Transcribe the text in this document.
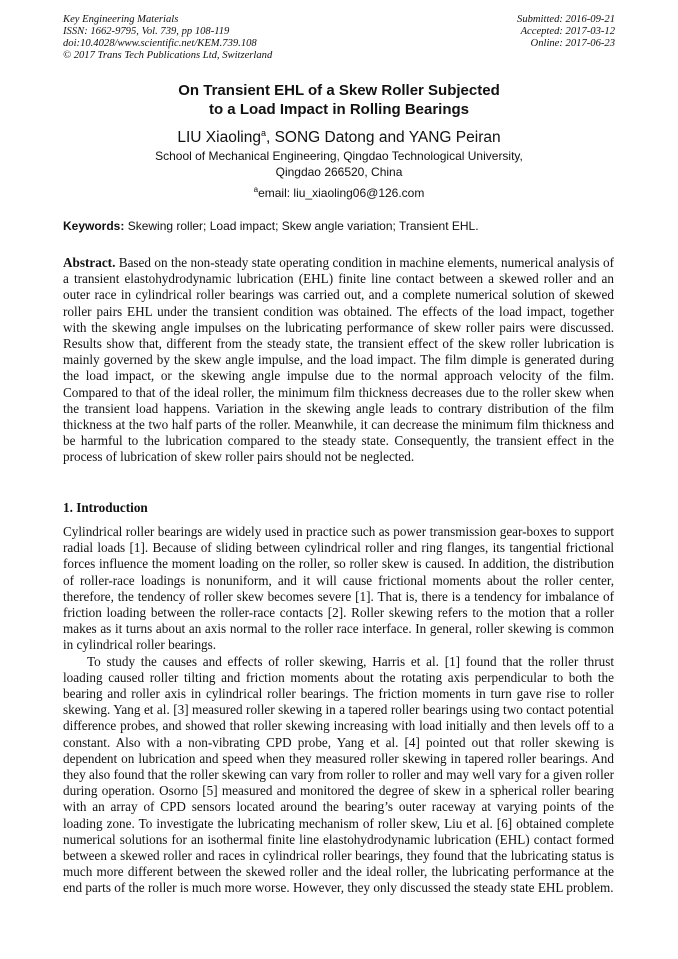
Key Engineering Materials
ISSN: 1662-9795, Vol. 739, pp 108-119
doi:10.4028/www.scientific.net/KEM.739.108
© 2017 Trans Tech Publications Ltd, Switzerland
Submitted: 2016-09-21
Accepted: 2017-03-12
Online: 2017-06-23
On Transient EHL of a Skew Roller Subjected
to a Load Impact in Rolling Bearings
LIU Xiaoling$^a$, SONG Datong and YANG Peiran
School of Mechanical Engineering, Qingdao Technological University,
Qingdao 266520, China
$^a$email: liu_xiaoling06@126.com
Keywords: Skewing roller; Load impact; Skew angle variation; Transient EHL.

Abstract. Based on the non-steady state operating condition in machine elements, numerical analysis of a transient elastohydrodynamic lubrication (EHL) finite line contact between a skewed roller and an outer race in cylindrical roller bearings was carried out, and a complete numerical solution of skewed roller pairs EHL under the transient condition was obtained. The effects of the load impact, together with the skewing angle impulses on the lubricating performance of skew roller pairs were discussed. Results show that, different from the steady state, the transient effect of the skew roller lubrication is mainly governed by the skew angle impulse, and the load impact. The film dimple is generated during the load impact, or the skewing angle impulse due to the normal approach velocity of the film. Compared to that of the ideal roller, the minimum film thickness decreases due to the roller skew when the transient load happens. Variation in the skewing angle leads to contrary distribution of the film thickness at the two half parts of the roller. Meanwhile, it can decrease the minimum film thickness and be harmful to the lubrication compared to the steady state. Consequently, the transient effect in the process of lubrication of skew roller pairs should not be neglected.

1. Introduction

Cylindrical roller bearings are widely used in practice such as power transmission gear-boxes to support radial loads [1]. Because of sliding between cylindrical roller and ring flanges, its tangential frictional forces influence the moment loading on the roller, so roller skew is caused. In addition, the distribution of roller-race loadings is nonuniform, and it will cause frictional moments about the roller center, therefore, the tendency of roller skew becomes severe [1]. That is, there is a tendency for imbalance of friction loading between the roller-race contacts [2]. Roller skewing refers to the motion that a roller makes as it turns about an axis normal to the roller race interface. In general, roller skewing is common in cylindrical roller bearings.

To study the causes and effects of roller skewing, Harris et al. [1] found that the roller thrust loading caused roller tilting and friction moments about the rotating axis perpendicular to both the bearing and roller axis in cylindrical roller bearings. The friction moments in turn gave rise to roller skewing. Yang et al. [3] measured roller skewing in a tapered roller bearings using two contact potential difference probes, and showed that roller skewing increasing with load initially and then levels off to a constant. Also with a non-vibrating CPD probe, Yang et al. [4] pointed out that roller skewing is dependent on lubrication and speed when they measured roller skewing in tapered roller bearings. And they also found that the roller skewing can vary from roller to roller and may well vary for a given roller during operation. Osorno [5] measured and monitored the degree of skew in a spherical roller bearing with an array of CPD sensors located around the bearing’s outer raceway at varying points of the loading zone. To investigate the lubricating mechanism of roller skew, Liu et al. [6] obtained complete numerical solutions for an isothermal finite line elastohydrodynamic lubrication (EHL) contact formed between a skewed roller and races in cylindrical roller bearings, they found that the lubricating status is much more different between the skewed roller and the ideal roller, the lubricating performance at the end parts of the roller is much more worse. However, they only discussed the steady state EHL problem.
